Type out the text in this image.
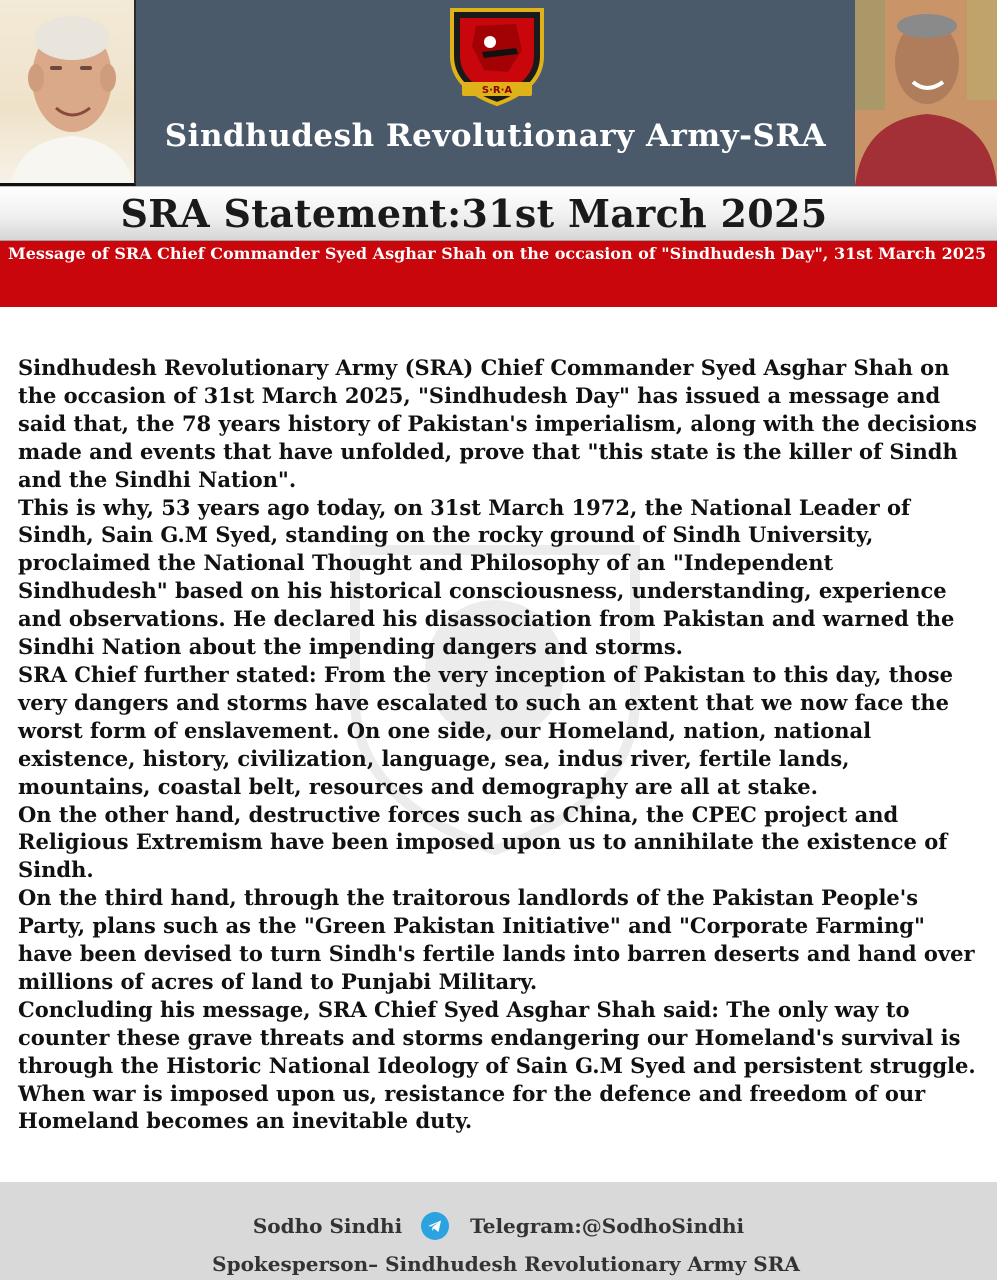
S·R·A
Sindhudesh Revolutionary Army-SRA
SRA Statement:31st March 2025
Message of SRA Chief Commander Syed Asghar Shah on the occasion of "Sindhudesh Day", 31st March 2025

Sindhudesh Revolutionary Army (SRA) Chief Commander Syed Asghar Shah on the occasion of 31st March 2025, "Sindhudesh Day" has issued a message and said that, the 78 years history of Pakistan's imperialism, along with the decisions made and events that have unfolded, prove that "this state is the killer of Sindh and the Sindhi Nation".

This is why, 53 years ago today, on 31st March 1972, the National Leader of Sindh, Sain G.M Syed, standing on the rocky ground of Sindh University, proclaimed the National Thought and Philosophy of an "Independent Sindhudesh" based on his historical consciousness, understanding, experience and observations. He declared his disassociation from Pakistan and warned the Sindhi Nation about the impending dangers and storms.

SRA Chief further stated: From the very inception of Pakistan to this day, those very dangers and storms have escalated to such an extent that we now face the worst form of enslavement. On one side, our Homeland, nation, national existence, history, civilization, language, sea, indus river, fertile lands, mountains, coastal belt, resources and demography are all at stake.

On the other hand, destructive forces such as China, the CPEC project and Religious Extremism have been imposed upon us to annihilate the existence of Sindh.

On the third hand, through the traitorous landlords of the Pakistan People's Party, plans such as the "Green Pakistan Initiative" and "Corporate Farming" have been devised to turn Sindh's fertile lands into barren deserts and hand over millions of acres of land to Punjabi Military.

Concluding his message, SRA Chief Syed Asghar Shah said: The only way to counter these grave threats and storms endangering our Homeland's survival is through the Historic National Ideology of Sain G.M Syed and persistent struggle. When war is imposed upon us, resistance for the defence and freedom of our Homeland becomes an inevitable duty.

Sodho Sindhi	Telegram:@SodhoSindhi
Spokesperson– Sindhudesh Revolutionary Army SRA
